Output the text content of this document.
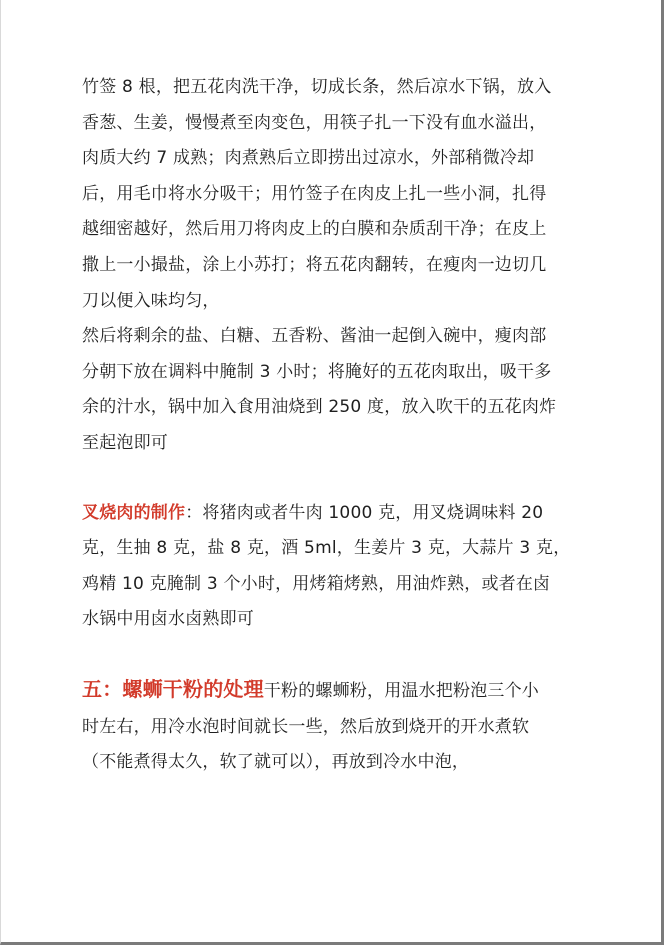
竹签 8 根，把五花肉洗干净，切成长条，然后凉水下锅，放入
香葱、生姜，慢慢煮至肉变色，用筷子扎一下没有血水溢出，
肉质大约 7 成熟；肉煮熟后立即捞出过凉水，外部稍微冷却
后，用毛巾将水分吸干；用竹签子在肉皮上扎一些小洞，扎得
越细密越好，然后用刀将肉皮上的白膜和杂质刮干净；在皮上
撒上一小撮盐，涂上小苏打；将五花肉翻转，在瘦肉一边切几
刀以便入味均匀，
然后将剩余的盐、白糖、五香粉、酱油一起倒入碗中，瘦肉部
分朝下放在调料中腌制 3 小时；将腌好的五花肉取出，吸干多
余的汁水，锅中加入食用油烧到 250 度，放入吹干的五花肉炸
至起泡即可
叉烧肉的制作：将猪肉或者牛肉 1000 克，用叉烧调味料 20
克，生抽 8 克，盐 8 克，酒 5ml，生姜片 3 克，大蒜片 3 克，
鸡精 10 克腌制 3 个小时，用烤箱烤熟，用油炸熟，或者在卤
水锅中用卤水卤熟即可
五：螺蛳干粉的处理干粉的螺蛳粉，用温水把粉泡三个小
时左右，用冷水泡时间就长一些，然后放到烧开的开水煮软
（不能煮得太久，软了就可以），再放到冷水中泡，
